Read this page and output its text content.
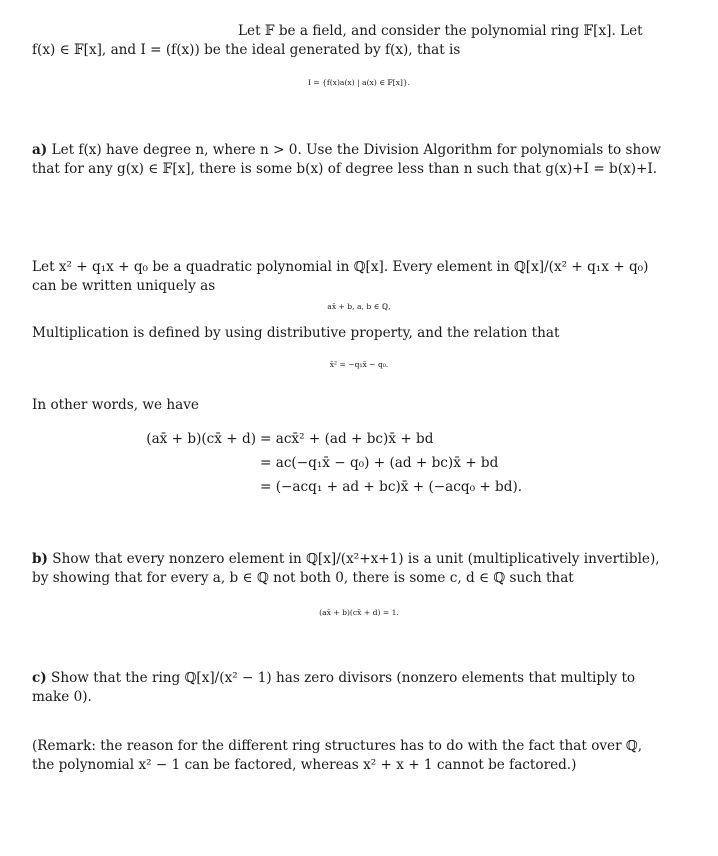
Let 𝔽 be a field, and consider the polynomial ring 𝔽[x]. Let
f(x) ∈ 𝔽[x], and I = (f(x)) be the ideal generated by f(x), that is
I = {f(x)a(x) | a(x) ∈ 𝔽[x]}.
a) Let f(x) have degree n, where n > 0. Use the Division Algorithm for polynomials to show
that for any g(x) ∈ 𝔽[x], there is some b(x) of degree less than n such that g(x)+I = b(x)+I.
Let x² + q₁x + q₀ be a quadratic polynomial in ℚ[x]. Every element in ℚ[x]/(x² + q₁x + q₀)
can be written uniquely as
ax̄ + b, a, b ∈ ℚ,
Multiplication is defined by using distributive property, and the relation that
x̄² = −q₁x̄ − q₀.
In other words, we have
(ax̄ + b)(cx̄ + d) = acx̄² + (ad + bc)x̄ + bd
= ac(−q₁x̄ − q₀) + (ad + bc)x̄ + bd
= (−acq₁ + ad + bc)x̄ + (−acq₀ + bd).
b) Show that every nonzero element in ℚ[x]/(x²+x+1) is a unit (multiplicatively invertible),
by showing that for every a, b ∈ ℚ not both 0, there is some c, d ∈ ℚ such that
(ax̄ + b)(cx̄ + d) = 1.
c) Show that the ring ℚ[x]/(x² − 1) has zero divisors (nonzero elements that multiply to
make 0).
(Remark: the reason for the different ring structures has to do with the fact that over ℚ,
the polynomial x² − 1 can be factored, whereas x² + x + 1 cannot be factored.)
